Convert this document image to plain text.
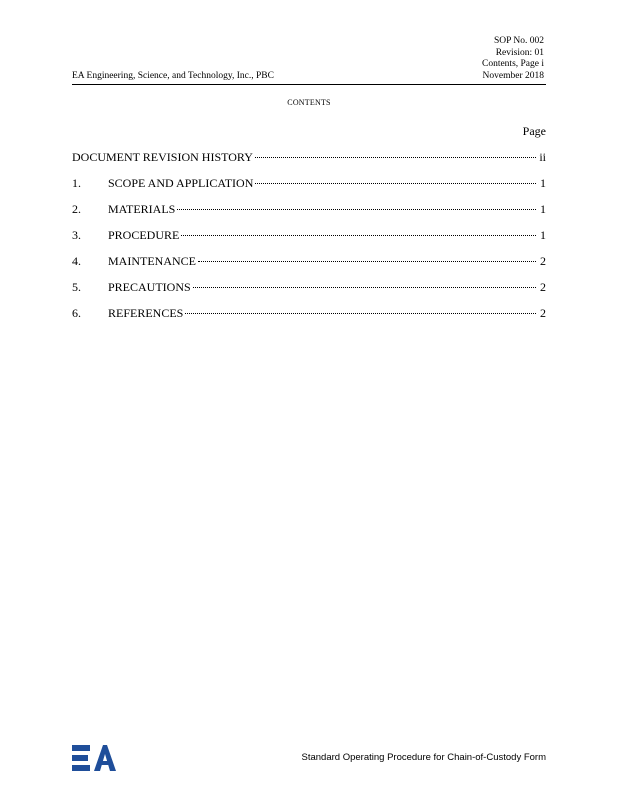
SOP No. 002
Revision: 01
Contents, Page i
November 2018
EA Engineering, Science, and Technology, Inc., PBC
CONTENTS
Page
DOCUMENT REVISION HISTORY	ii
1.	SCOPE AND APPLICATION	1
2.	MATERIALS	1
3.	PROCEDURE	1
4.	MAINTENANCE	2
5.	PRECAUTIONS	2
6.	REFERENCES	2
Standard Operating Procedure for Chain-of-Custody Form
